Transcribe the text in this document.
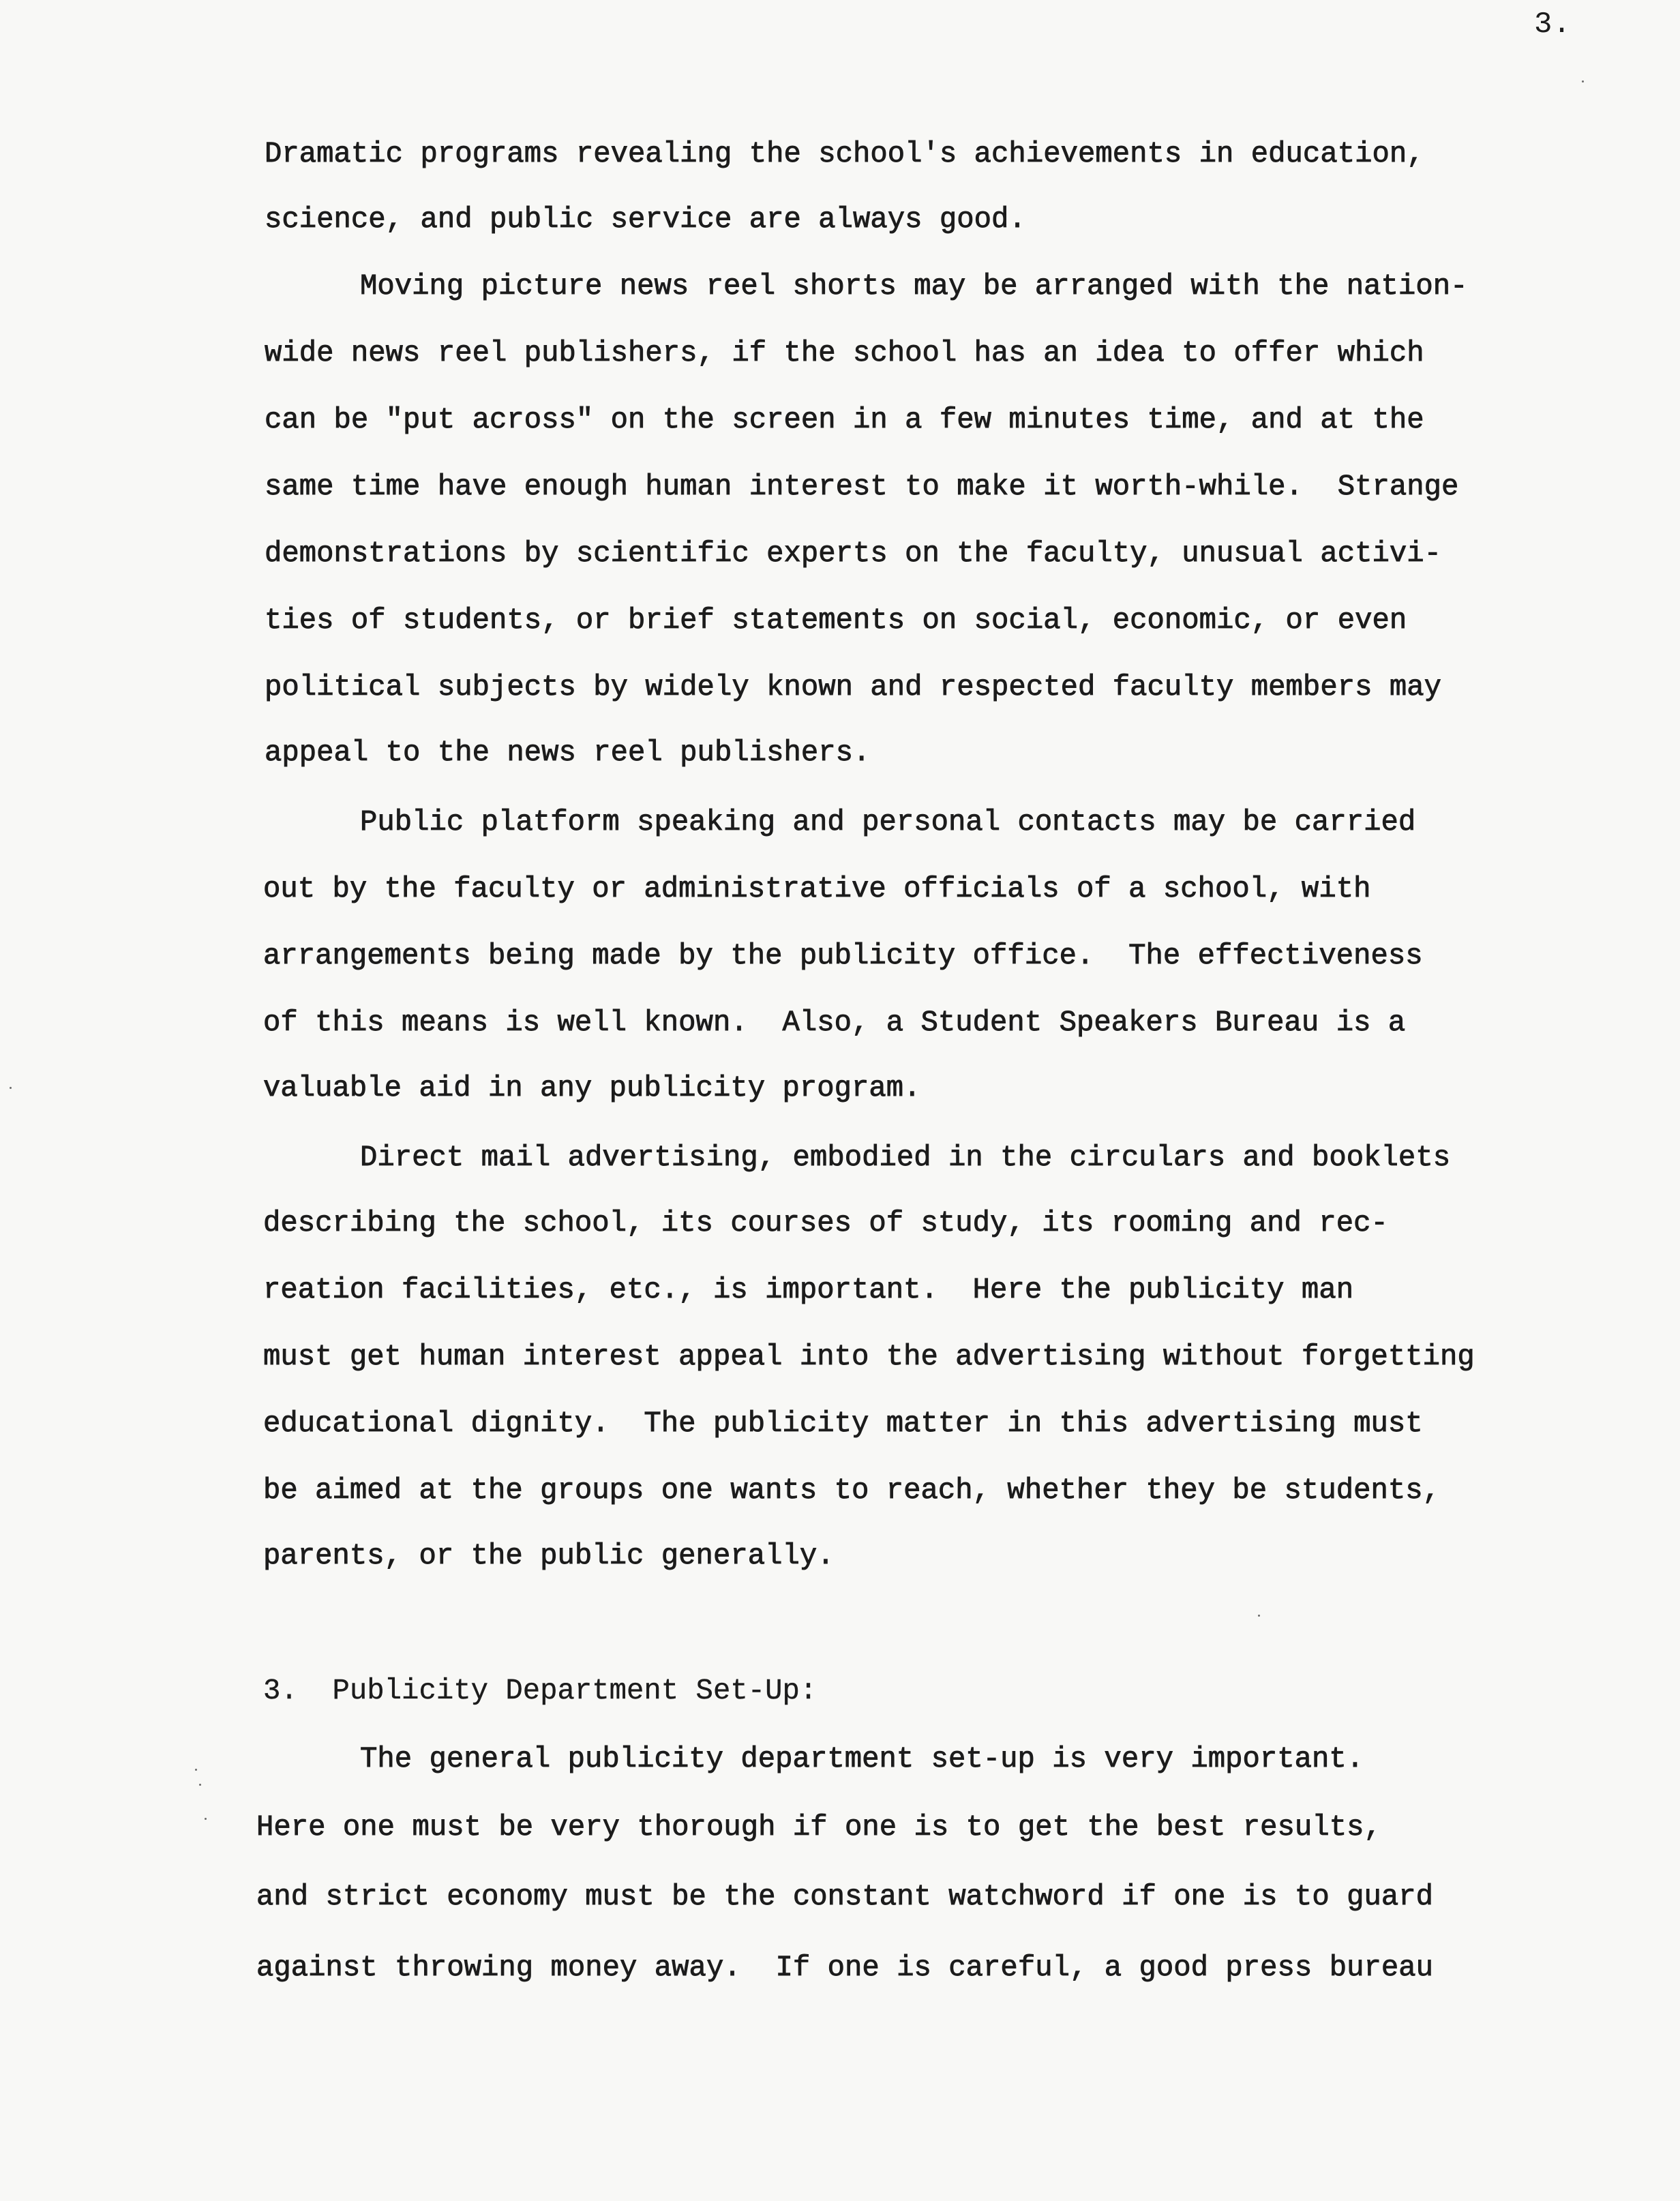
3.
Dramatic programs revealing the school's achievements in education,
science, and public service are always good.
Moving picture news reel shorts may be arranged with the nation-
wide news reel publishers, if the school has an idea to offer which
can be "put across" on the screen in a few minutes time, and at the
same time have enough human interest to make it worth-while.  Strange
demonstrations by scientific experts on the faculty, unusual activi-
ties of students, or brief statements on social, economic, or even
political subjects by widely known and respected faculty members may
appeal to the news reel publishers.
Public platform speaking and personal contacts may be carried
out by the faculty or administrative officials of a school, with
arrangements being made by the publicity office.  The effectiveness
of this means is well known.  Also, a Student Speakers Bureau is a
valuable aid in any publicity program.
Direct mail advertising, embodied in the circulars and booklets
describing the school, its courses of study, its rooming and rec-
reation facilities, etc., is important.  Here the publicity man
must get human interest appeal into the advertising without forgetting
educational dignity.  The publicity matter in this advertising must
be aimed at the groups one wants to reach, whether they be students,
parents, or the public generally.
3.  Publicity Department Set-Up:
The general publicity department set-up is very important.
Here one must be very thorough if one is to get the best results,
and strict economy must be the constant watchword if one is to guard
against throwing money away.  If one is careful, a good press bureau
